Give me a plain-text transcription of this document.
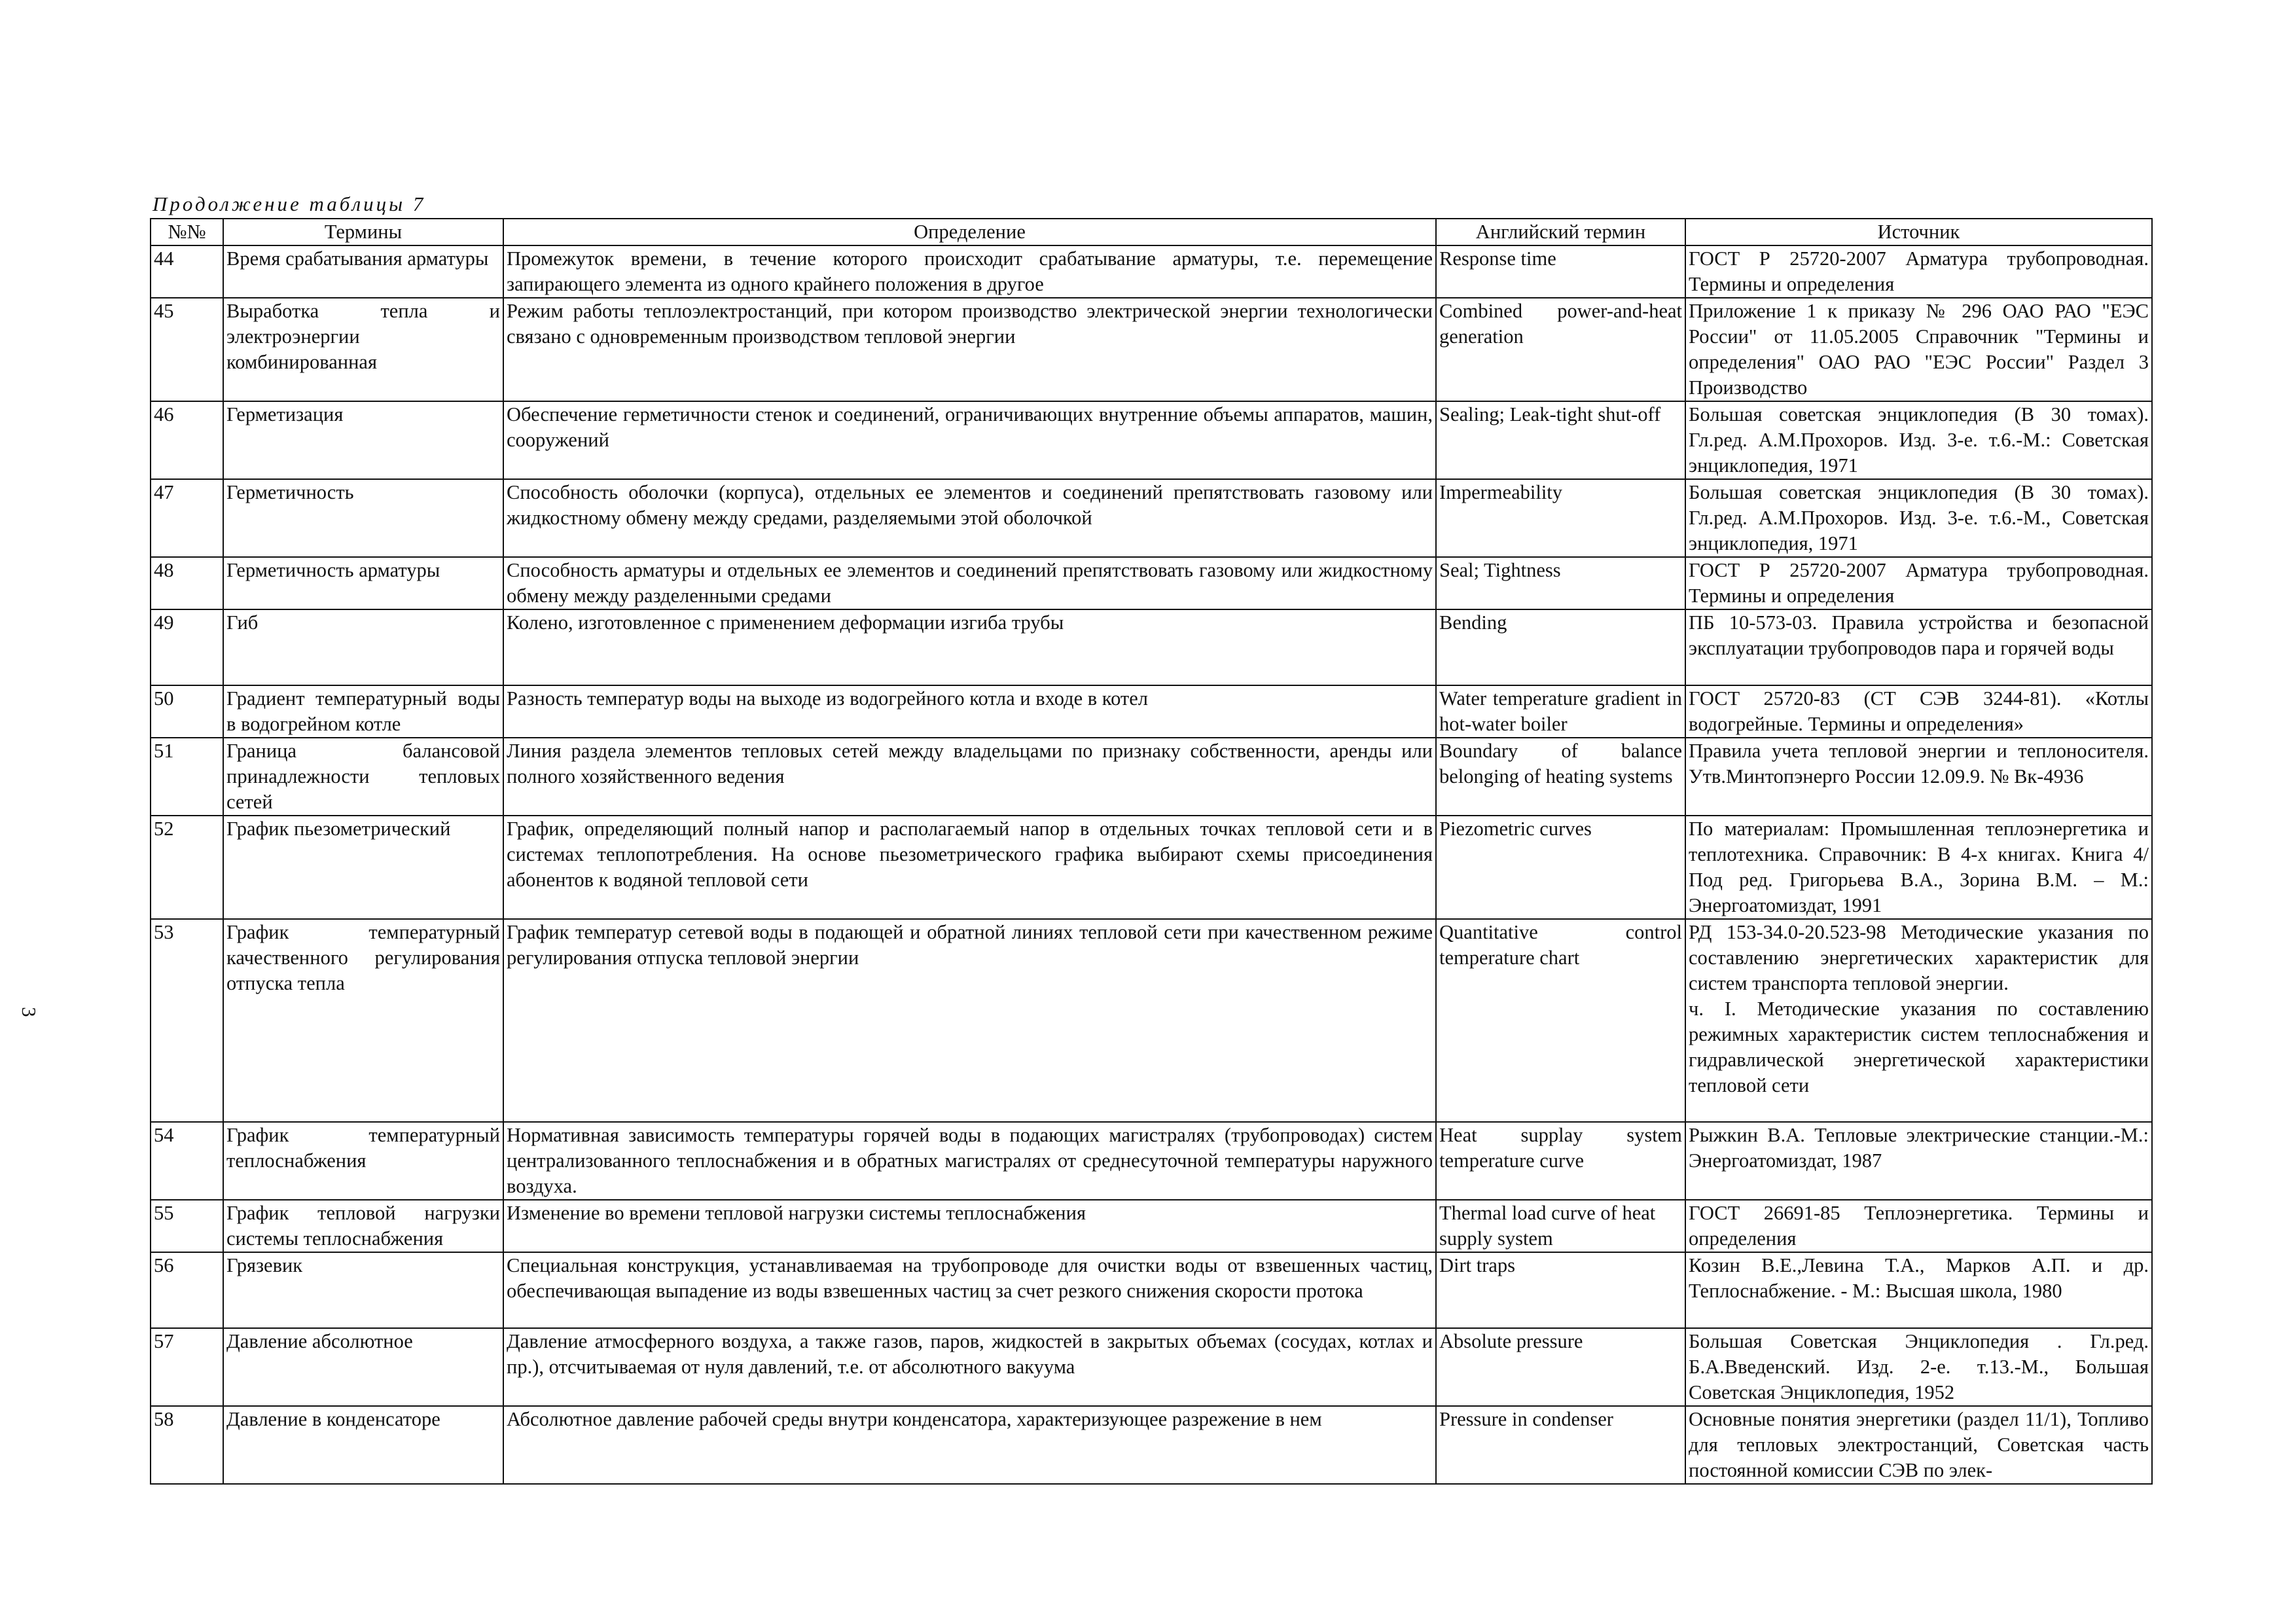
Продолжение таблицы 7
3
№№	Термины	Определение	Английский термин	Источник
44	Время срабатывания арматуры	Промежуток времени, в течение которого происходит срабатывание арматуры, т.е. перемещение запирающего элемента из одного крайнего положения в другое	Response time	ГОСТ Р 25720-2007 Арматура трубопроводная. Термины и определения
45	Выработка тепла и электроэнергии комбинированная	Режим работы теплоэлектростанций, при котором производство электрической энергии технологически связано с одновременным производством тепловой энергии	Combined power-and-heat generation	Приложение 1 к приказу № 296 ОАО РАО "ЕЭС России" от 11.05.2005 Справочник "Термины и определения" ОАО РАО "ЕЭС России" Раздел 3 Производство
46	Герметизация	Обеспечение герметичности стенок и соединений, ограничивающих внутренние объемы аппаратов, машин, сооружений	Sealing; Leak-tight shut-off	Большая советская энциклопедия (В 30 томах). Гл.ред. А.М.Прохоров. Изд. 3-е. т.6.-М.: Советская энциклопедия, 1971
47	Герметичность	Способность оболочки (корпуса), отдельных ее элементов и соединений препятствовать газовому или жидкостному обмену между средами, разделяемыми этой оболочкой	Impermeability	Большая советская энциклопедия (В 30 томах). Гл.ред. А.М.Прохоров. Изд. 3-е. т.6.-М., Советская энциклопедия, 1971
48	Герметичность арматуры	Способность арматуры и отдельных ее элементов и соединений препятствовать газовому или жидкостному обмену между разделенными средами	Seal; Tightness	ГОСТ Р 25720-2007 Арматура трубопроводная. Термины и определения
49	Гиб	Колено, изготовленное с применением деформации изгиба трубы	Bending	ПБ 10-573-03. Правила устройства и безопасной эксплуатации трубопроводов пара и горячей воды
50	Градиент температурный воды в водогрейном котле	Разность температур воды на выходе из водогрейного котла и входе в котел	Water temperature gradient in hot-water boiler	ГОСТ 25720-83 (СТ СЭВ 3244-81). «Котлы водогрейные. Термины и определения»
51	Граница балансовой принадлежности тепловых сетей	Линия раздела элементов тепловых сетей между владельцами по признаку собственности, аренды или полного хозяйственного ведения	Boundary of balance belonging of heating systems	Правила учета тепловой энергии и теплоносителя. Утв.Минтопэнерго России 12.09.9. № Вк-4936
52	График пьезометрический	График, определяющий полный напор и располагаемый напор в отдельных точках тепловой сети и в системах теплопотребления. На основе пьезометрического графика выбирают схемы присоединения абонентов к водяной тепловой сети	Piezometric curves	По материалам: Промышленная теплоэнергетика и теплотехника. Справочник: В 4-х книгах. Книга 4/Под ред. Григорьева В.А., Зорина В.М. – М.: Энергоатомиздат, 1991
53	График температурный качественного регулирования отпуска тепла	График температур сетевой воды в подающей и обратной линиях тепловой сети при качественном режиме регулирования отпуска тепловой энергии	Quantitative control temperature chart	РД 153-34.0-20.523-98 Методические указания по составлению энергетических характеристик для систем транспорта тепловой энергии.
ч. I. Методические указания по составлению режимных характеристик систем теплоснабжения и гидравлической энергетической характеристики тепловой сети

54	График температурный теплоснабжения	Нормативная зависимость температуры горячей воды в подающих магистралях (трубопроводах) систем централизованного теплоснабжения и в обратных магистралях от среднесуточной температуры наружного воздуха.	Heat supplay system temperature curve	Рыжкин В.А. Тепловые электрические станции.-М.: Энергоатомиздат, 1987
55	График тепловой нагрузки системы теплоснабжения	Изменение во времени тепловой нагрузки системы теплоснабжения	Thermal load curve of heat supply system	ГОСТ 26691-85 Теплоэнергетика. Термины и определения
56	Грязевик	Специальная конструкция, устанавливаемая на трубопроводе для очистки воды от взвешенных частиц, обеспечивающая выпадение из воды взвешенных частиц за счет резкого снижения скорости протока	Dirt traps	Козин В.Е.,Левина Т.А., Марков А.П. и др. Теплоснабжение. - М.: Высшая школа, 1980
57	Давление абсолютное	Давление атмосферного воздуха, а также газов, паров, жидкостей в закрытых объемах (сосудах, котлах и пр.), отсчитываемая от нуля давлений, т.е. от абсолютного вакуума	Absolute pressure	Большая Советская Энциклопедия . Гл.ред. Б.А.Введенский. Изд. 2-е. т.13.-М., Большая Советская Энциклопедия, 1952
58	Давление в конденсаторе	Абсолютное давление рабочей среды внутри конденсатора, характеризующее разрежение в нем	Pressure in condenser	Основные понятия энергетики (раздел 11/1), Топливо для тепловых электростанций, Советская часть постоянной комиссии СЭВ по элек-
